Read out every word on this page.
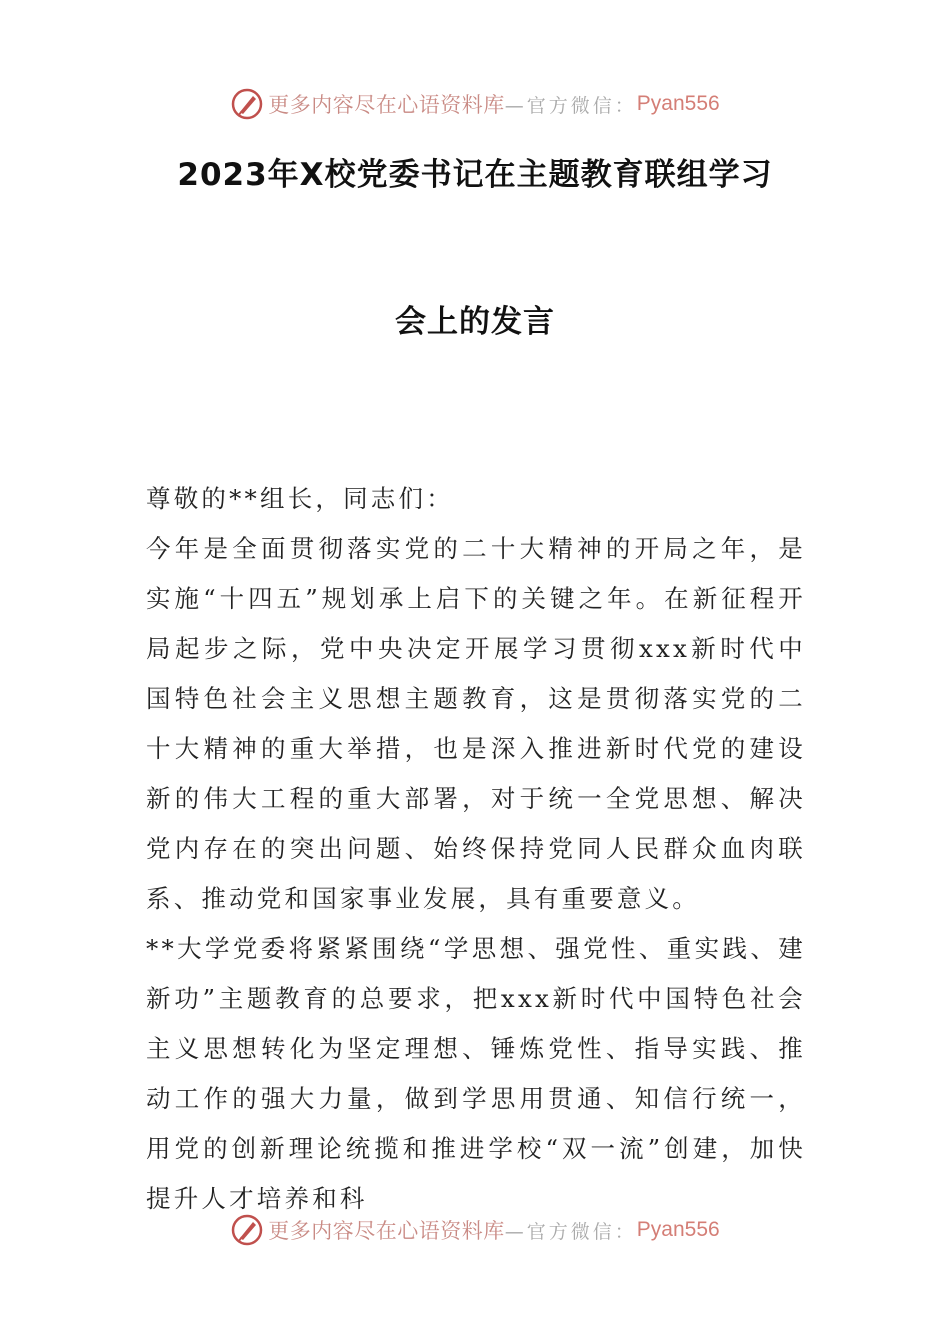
更多内容尽在心语资料库 —官方微信： Pyan556
2023年X校党委书记在主题教育联组学习
会上的发言

尊敬的**组长，同志们：

今年是全面贯彻落实党的二十大精神的开局之年，是实施“十四五”规划承上启下的关键之年。在新征程开局起步之际，党中央决定开展学习贯彻xxx新时代中国特色社会主义思想主题教育，这是贯彻落实党的二十大精神的重大举措，也是深入推进新时代党的建设新的伟大工程的重大部署，对于统一全党思想、解决党内存在的突出问题、始终保持党同人民群众血肉联系、推动党和国家事业发展，具有重要意义。

**大学党委将紧紧围绕“学思想、强党性、重实践、建新功”主题教育的总要求，把xxx新时代中国特色社会主义思想转化为坚定理想、锤炼党性、指导实践、推动工作的强大力量，做到学思用贯通、知信行统一，用党的创新理论统揽和推进学校“双一流”创建，加快提升人才培养和科

更多内容尽在心语资料库 —官方微信： Pyan556
